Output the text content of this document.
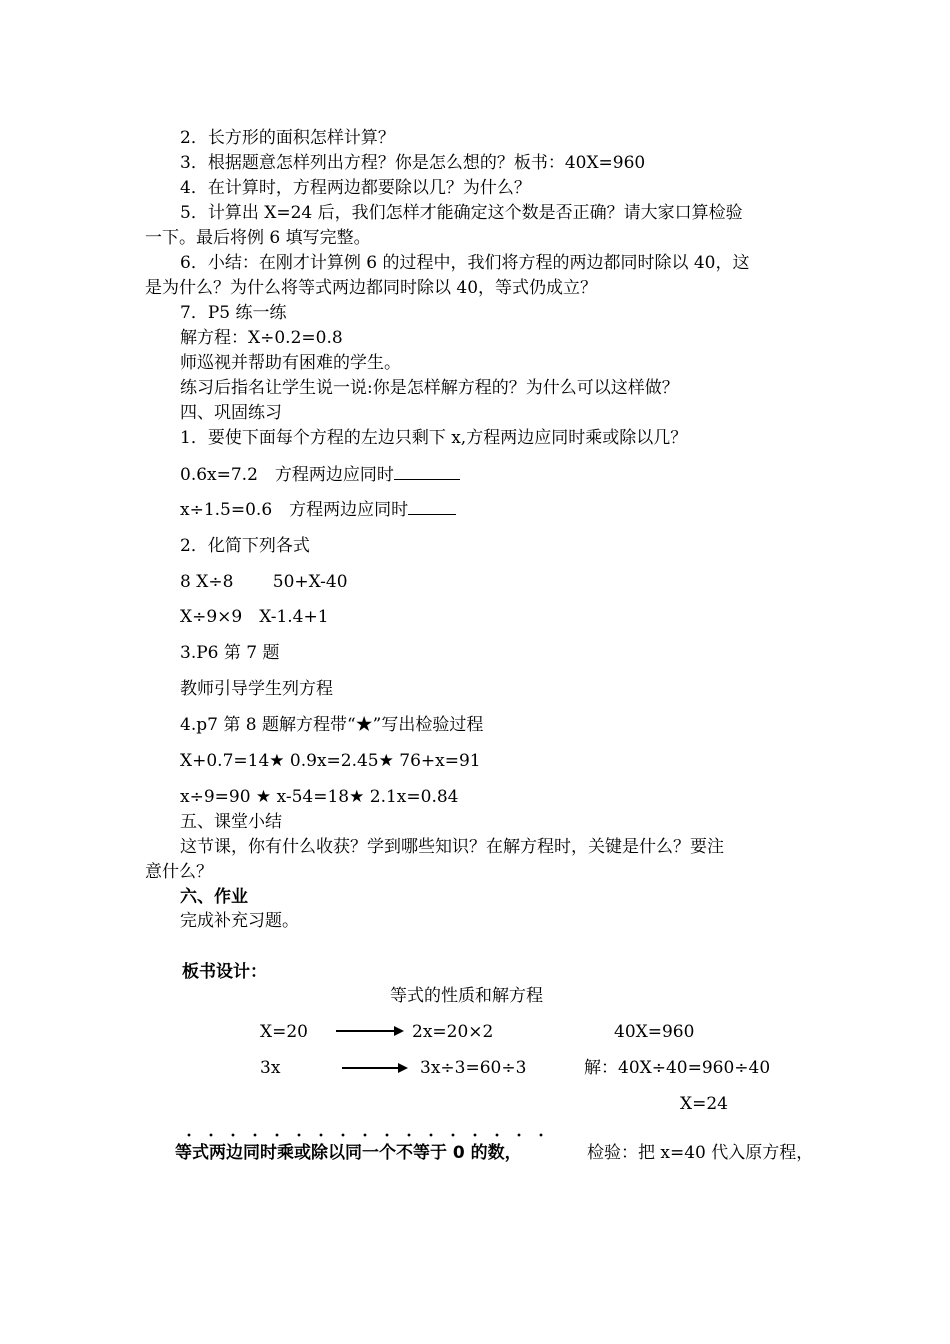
2．长方形的面积怎样计算？
3．根据题意怎样列出方程？你是怎么想的？板书：40X=960
4．在计算时，方程两边都要除以几？为什么？
5．计算出 X=24 后，我们怎样才能确定这个数是否正确？请大家口算检验
一下。最后将例 6 填写完整。
6．小结：在刚才计算例 6 的过程中，我们将方程的两边都同时除以 40，这
是为什么？为什么将等式两边都同时除以 40，等式仍成立？
7．P5 练一练
解方程：X÷0.2=0.8
师巡视并帮助有困难的学生。
练习后指名让学生说一说:你是怎样解方程的？为什么可以这样做？
四、巩固练习
1．要使下面每个方程的左边只剩下 x,方程两边应同时乘或除以几？
0.6x=7.2　方程两边应同时
x÷1.5=0.6　方程两边应同时
2．化简下列各式
8 X÷8　　 50+X-40
X÷9×9　X-1.4+1
3.P6 第 7 题
教师引导学生列方程
4.p7 第 8 题解方程带“★”写出检验过程
X+0.7=14★ 0.9x=2.45★ 76+x=91
x÷9=90 ★ x-54=18★ 2.1x=0.84
五、课堂小结
这节课，你有什么收获？学到哪些知识？在解方程时，关键是什么？要注
意什么？
六、作业
完成补充习题。
板书设计：
等式的性质和解方程
X=20	2x=20×2	40X=960
3x	3x÷3=60÷3	解：40X÷40=960÷40
X=24
等式两边同时乘或除以同一个不等于 0 的数，	检验：把 x=40 代入原方程，
